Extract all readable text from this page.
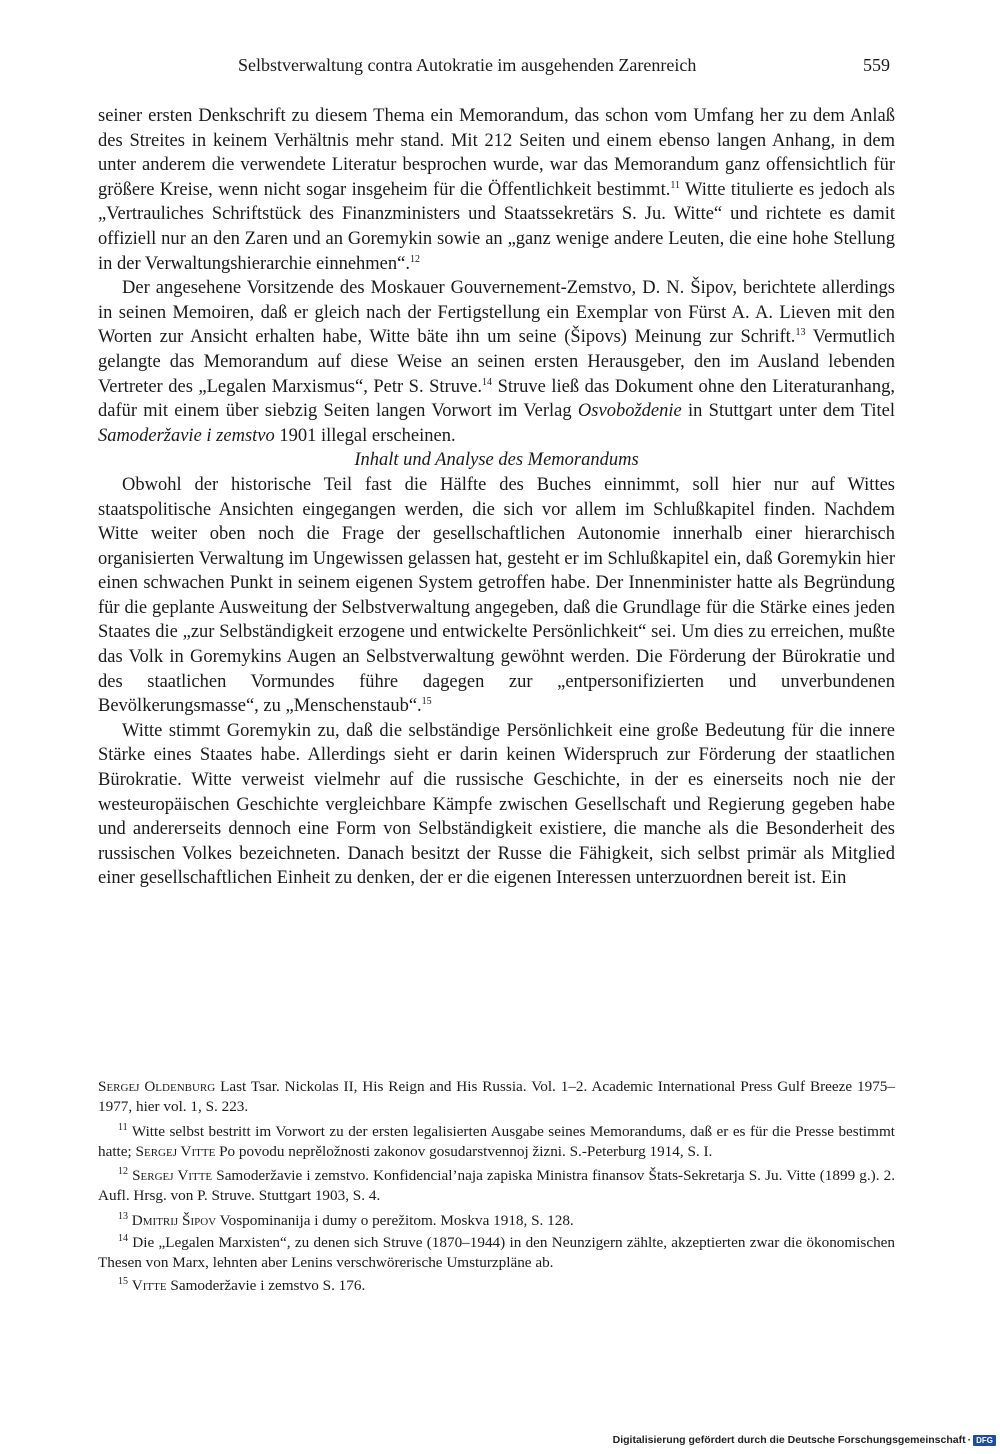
Selbstverwaltung contra Autokratie im ausgehenden Zarenreich	559

seiner ersten Denkschrift zu diesem Thema ein Memorandum, das schon vom Umfang her zu dem Anlaß des Streites in keinem Verhältnis mehr stand. Mit 212 Seiten und einem ebenso langen Anhang, in dem unter anderem die verwendete Literatur besprochen wurde, war das Memorandum ganz offensichtlich für größere Kreise, wenn nicht sogar insgeheim für die Öffentlichkeit bestimmt.$^{11}$ Witte titulierte es jedoch als „Vertrauliches Schriftstück des Finanzministers und Staatssekretärs S. Ju. Witte“ und richtete es damit offiziell nur an den Zaren und an Goremykin sowie an „ganz wenige andere Leuten, die eine hohe Stellung in der Verwaltungshierarchie einnehmen“.$^{12}$

Der angesehene Vorsitzende des Moskauer Gouvernement-Zemstvo, D. N. Šipov, berichtete allerdings in seinen Memoiren, daß er gleich nach der Fertigstellung ein Exemplar von Fürst A. A. Lieven mit den Worten zur Ansicht erhalten habe, Witte bäte ihn um seine (Šipovs) Meinung zur Schrift.$^{13}$ Vermutlich gelangte das Memorandum auf diese Weise an seinen ersten Herausgeber, den im Ausland lebenden Vertreter des „Legalen Marxismus“, Petr S. Struve.$^{14}$ Struve ließ das Dokument ohne den Literaturanhang, dafür mit einem über siebzig Seiten langen Vorwort im Verlag Osvoboždenie in Stuttgart unter dem Titel Samoderžavie i zemstvo 1901 illegal erscheinen.

Inhalt und Analyse des Memorandums

Obwohl der historische Teil fast die Hälfte des Buches einnimmt, soll hier nur auf Wittes staatspolitische Ansichten eingegangen werden, die sich vor allem im Schlußkapitel finden. Nachdem Witte weiter oben noch die Frage der gesellschaftlichen Autonomie innerhalb einer hierarchisch organisierten Verwaltung im Ungewissen gelassen hat, gesteht er im Schlußkapitel ein, daß Goremykin hier einen schwachen Punkt in seinem eigenen System getroffen habe. Der Innenminister hatte als Begründung für die geplante Ausweitung der Selbstverwaltung angegeben, daß die Grundlage für die Stärke eines jeden Staates die „zur Selbständigkeit erzogene und entwickelte Persönlichkeit“ sei. Um dies zu erreichen, mußte das Volk in Goremykins Augen an Selbstverwaltung gewöhnt werden. Die Förderung der Bürokratie und des staatlichen Vormundes führe dagegen zur „entpersonifizierten und unverbundenen Bevölkerungsmasse“, zu „Menschenstaub“.$^{15}$

Witte stimmt Goremykin zu, daß die selbständige Persönlichkeit eine große Bedeutung für die innere Stärke eines Staates habe. Allerdings sieht er darin keinen Widerspruch zur Förderung der staatlichen Bürokratie. Witte verweist vielmehr auf die russische Geschichte, in der es einerseits noch nie der westeuropäischen Geschichte vergleichbare Kämpfe zwischen Gesellschaft und Regierung gegeben habe und andererseits dennoch eine Form von Selbständigkeit existiere, die manche als die Besonderheit des russischen Volkes bezeichneten. Danach besitzt der Russe die Fähigkeit, sich selbst primär als Mitglied einer gesellschaftlichen Einheit zu denken, der er die eigenen Interessen unterzuordnen bereit ist. Ein

Sergej Oldenburg Last Tsar. Nickolas II, His Reign and His Russia. Vol. 1–2. Academic International Press Gulf Breeze 1975–1977, hier vol. 1, S. 223.

$^{11}$ Witte selbst bestritt im Vorwort zu der ersten legalisierten Ausgabe seines Memorandums, daß er es für die Presse bestimmt hatte; Sergej Vitte Po povodu neprěložnosti zakonov gosudarstvennoj žizni. S.-Peterburg 1914, S. I.

$^{12}$ Sergej Vitte Samoderžavie i zemstvo. Konfidencial’naja zapiska Ministra finansov Štats-Sekretarja S. Ju. Vitte (1899 g.). 2. Aufl. Hrsg. von P. Struve. Stuttgart 1903, S. 4.

$^{13}$ Dmitrij Šipov Vospominanija i dumy o perežitom. Moskva 1918, S. 128.

$^{14}$ Die „Legalen Marxisten“, zu denen sich Struve (1870–1944) in den Neunzigern zählte, akzeptierten zwar die ökonomischen Thesen von Marx, lehnten aber Lenins verschwörerische Umsturzpläne ab.

$^{15}$ Vitte Samoderžavie i zemstvo S. 176.

Digitalisierung gefördert durch die Deutsche Forschungsgemeinschaft · DFG
